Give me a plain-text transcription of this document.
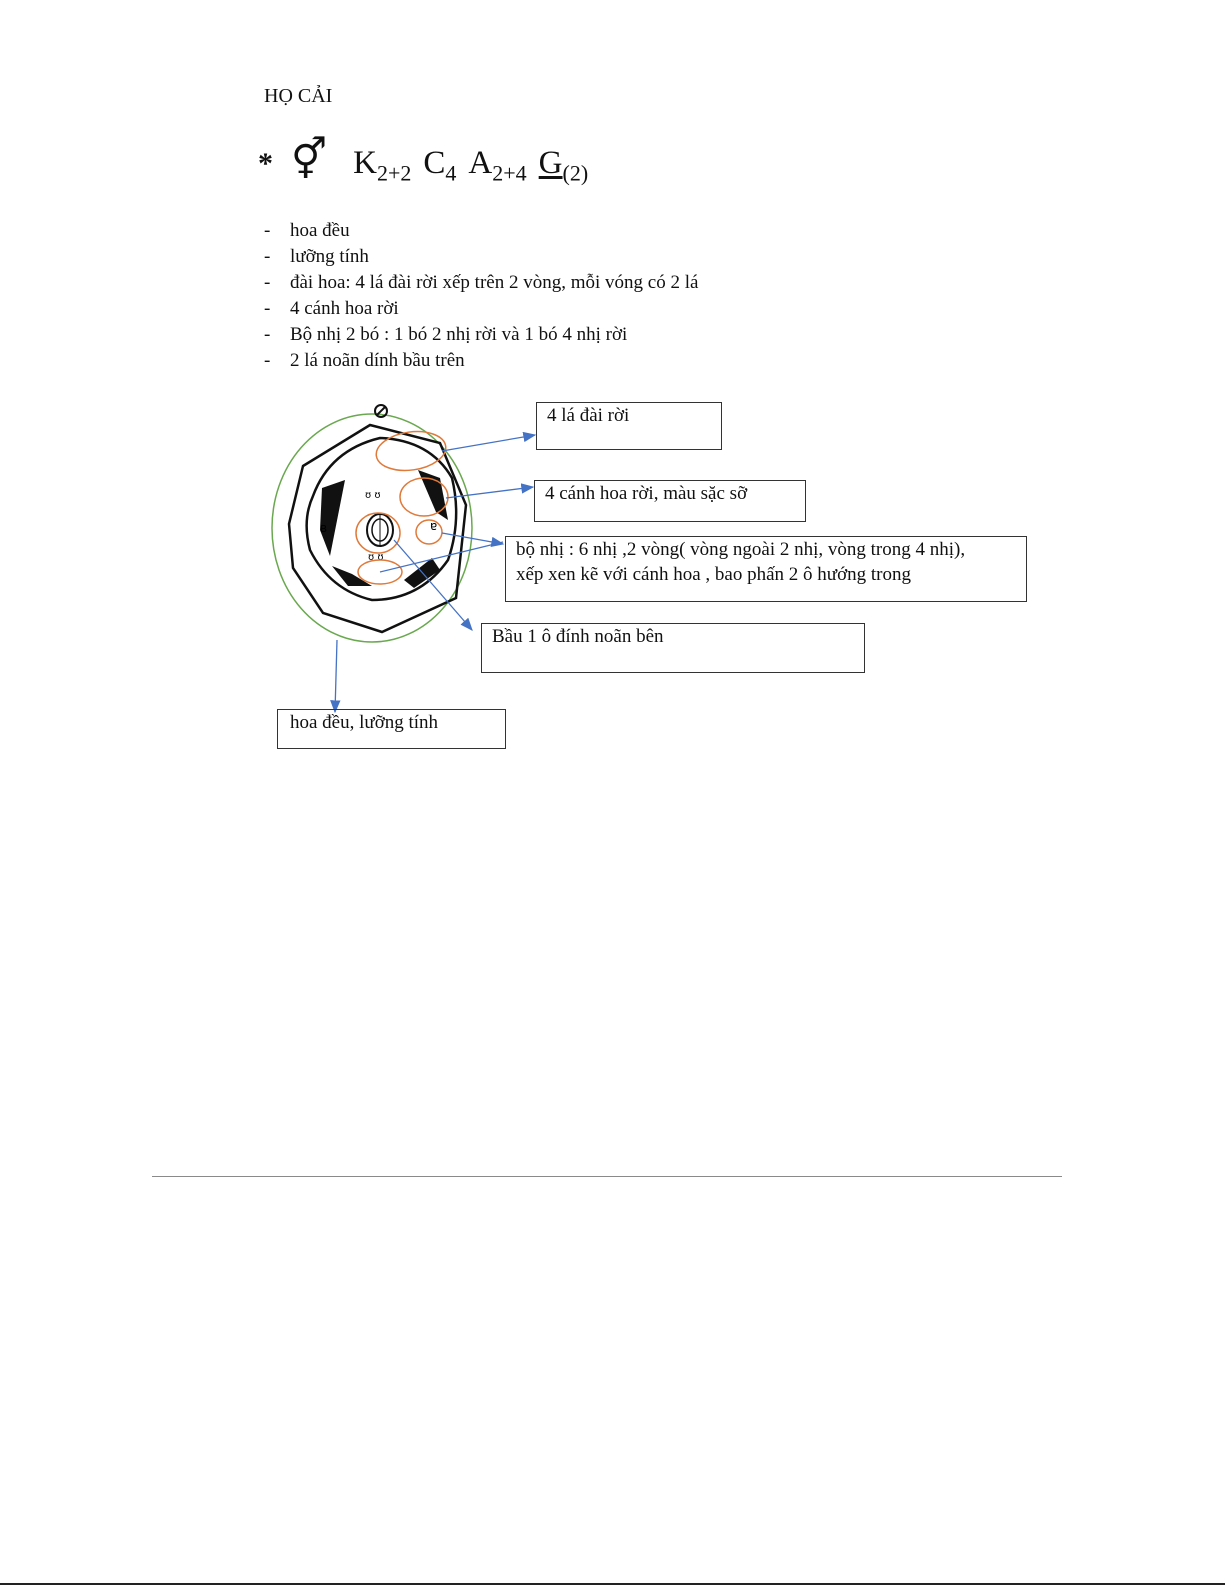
HỌ CẢI
* ⚥ $K_{2+2}$ $C_4$ $A_{2+4}$ $G_{(2)}$
-	hoa đều
-	lưỡng tính
-	đài hoa: 4 lá đài rời xếp trên 2 vòng, mỗi vóng có 2 lá
-	4 cánh hoa rời
-	Bộ nhị 2 bó : 1 bó 2 nhị rời và 1 bó 4 nhị rời
-	2 lá noãn dính bầu trên
ʊ ʊ
ʙ	ɐ
ʊ ʊ
4 lá đài rời
4 cánh hoa rời, màu sặc sỡ
bộ nhị : 6 nhị ,2 vòng( vòng ngoài 2 nhị, vòng trong 4 nhị),
xếp xen kẽ với cánh hoa , bao phấn 2 ô hướng trong
Bầu 1 ô đính noãn bên
hoa đều, lưỡng tính
